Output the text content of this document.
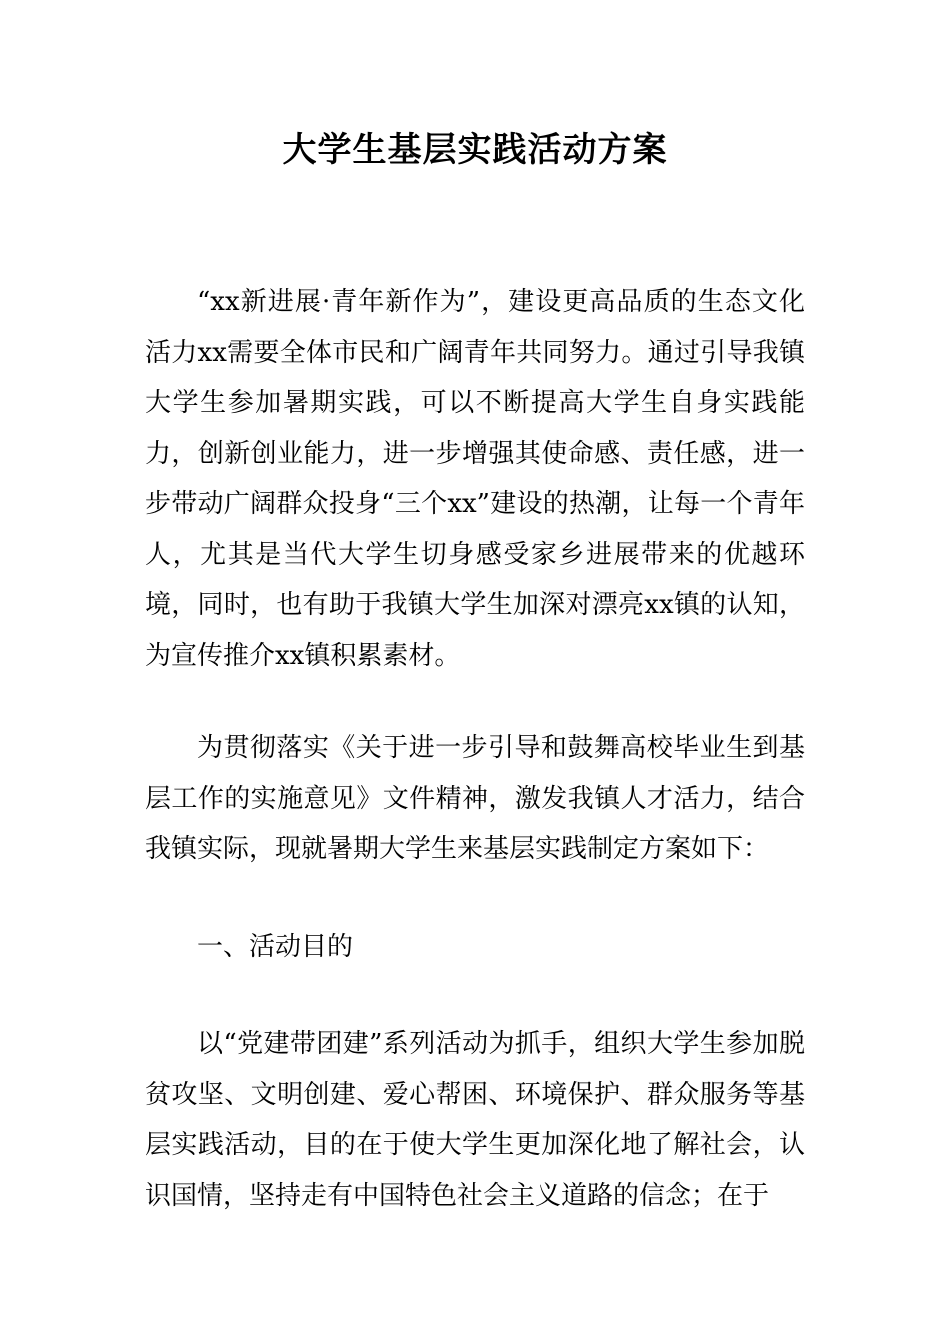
大学生基层实践活动方案

“xx新进展·青年新作为”，建设更高品质的生态文化活力xx需要全体市民和广阔青年共同努力。通过引导我镇大学生参加暑期实践，可以不断提高大学生自身实践能力，创新创业能力，进一步增强其使命感、责任感，进一步带动广阔群众投身“三个xx”建设的热潮，让每一个青年人，尤其是当代大学生切身感受家乡进展带来的优越环境，同时，也有助于我镇大学生加深对漂亮xx镇的认知，为宣传推介xx镇积累素材。

为贯彻落实《关于进一步引导和鼓舞高校毕业生到基层工作的实施意见》文件精神，激发我镇人才活力，结合我镇实际，现就暑期大学生来基层实践制定方案如下：

一、活动目的

以“党建带团建”系列活动为抓手，组织大学生参加脱贫攻坚、文明创建、爱心帮困、环境保护、群众服务等基层实践活动，目的在于使大学生更加深化地了解社会，认识国情，坚持走有中国特色社会主义道路的信念；在于
